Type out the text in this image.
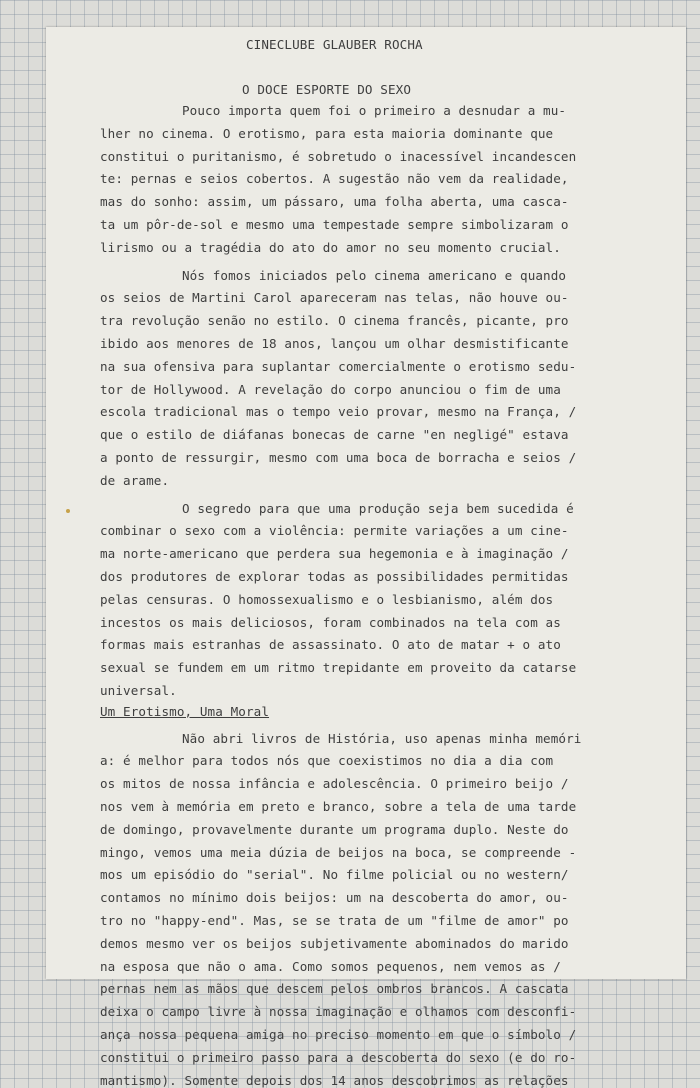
CINECLUBE GLAUBER ROCHA
O DOCE ESPORTE DO SEXO
Pouco importa quem foi o primeiro a desnudar a mu-
lher no cinema. O erotismo, para esta maioria dominante que
constitui o puritanismo, é sobretudo o inacessível incandescen
te: pernas e seios cobertos. A sugestão não vem da realidade,
mas do sonho: assim, um pássaro, uma folha aberta, uma casca-
ta um pôr-de-sol e mesmo uma tempestade sempre simbolizaram o
lirismo ou a tragédia do ato do amor no seu momento crucial.
Nós fomos iniciados pelo cinema americano e quando
os seios de Martini Carol apareceram nas telas, não houve ou-
tra revolução senão no estilo. O cinema francês, picante, pro
ibido aos menores de 18 anos, lançou um olhar desmistificante
na sua ofensiva para suplantar comercialmente o erotismo sedu-
tor de Hollywood. A revelação do corpo anunciou o fim de uma
escola tradicional mas o tempo veio provar, mesmo na França, /
que o estilo de diáfanas bonecas de carne "en negligé" estava
a ponto de ressurgir, mesmo com uma boca de borracha e seios /
de arame.
O segredo para que uma produção seja bem sucedida é
combinar o sexo com a violência: permite variações a um cine-
ma norte-americano que perdera sua hegemonia e à imaginação /
dos produtores de explorar todas as possibilidades permitidas
pelas censuras. O homossexualismo e o lesbianismo, além dos
incestos os mais deliciosos, foram combinados na tela com as
formas mais estranhas de assassinato. O ato de matar + o ato
sexual se fundem em um ritmo trepidante em proveito da catarse
universal.
Não abri livros de História, uso apenas minha memóri
a: é melhor para todos nós que coexistimos no dia a dia com
os mitos de nossa infância e adolescência. O primeiro beijo /
nos vem à memória em preto e branco, sobre a tela de uma tarde
de domingo, provavelmente durante um programa duplo. Neste do
mingo, vemos uma meia dúzia de beijos na boca, se compreende -
mos um episódio do "serial". No filme policial ou no western/
contamos no mínimo dois beijos: um na descoberta do amor, ou-
tro no "happy-end". Mas, se se trata de um "filme de amor" po
demos mesmo ver os beijos subjetivamente abominados do marido
na esposa que não o ama. Como somos pequenos, nem vemos as /
pernas nem as mãos que descem pelos ombros brancos. A cascata
deixa o campo livre à nossa imaginação e olhamos com desconfi-
ança nossa pequena amiga no preciso momento em que o símbolo /
constitui o primeiro passo para a descoberta do sexo (e do ro-
mantismo). Somente depois dos 14 anos descobrimos as relações
Um Erotismo, Uma Moral
